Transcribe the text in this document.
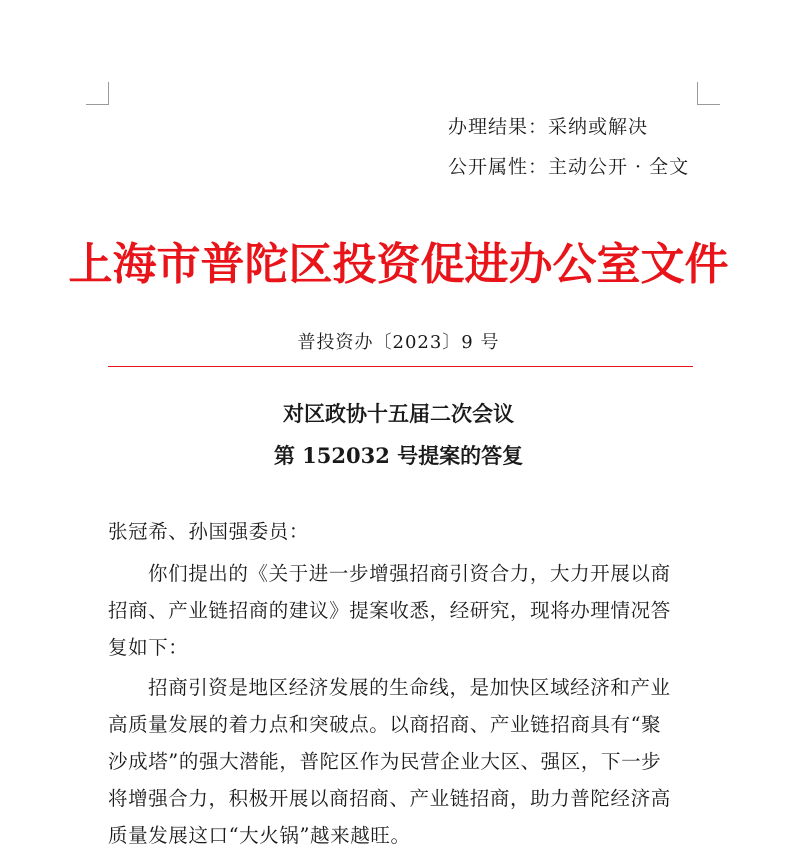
办理结果：采纳或解决
公开属性：主动公开 · 全文
上海市普陀区投资促进办公室文件
普投资办〔2023〕9 号
对区政协十五届二次会议
第 152032 号提案的答复
张冠希、孙国强委员：
你们提出的《关于进一步增强招商引资合力，大力开展以商
招商、产业链招商的建议》提案收悉，经研究，现将办理情况答
复如下：
招商引资是地区经济发展的生命线，是加快区域经济和产业
高质量发展的着力点和突破点。以商招商、产业链招商具有“聚
沙成塔”的强大潜能，普陀区作为民营企业大区、强区，下一步
将增强合力，积极开展以商招商、产业链招商，助力普陀经济高
质量发展这口“大火锅”越来越旺。
